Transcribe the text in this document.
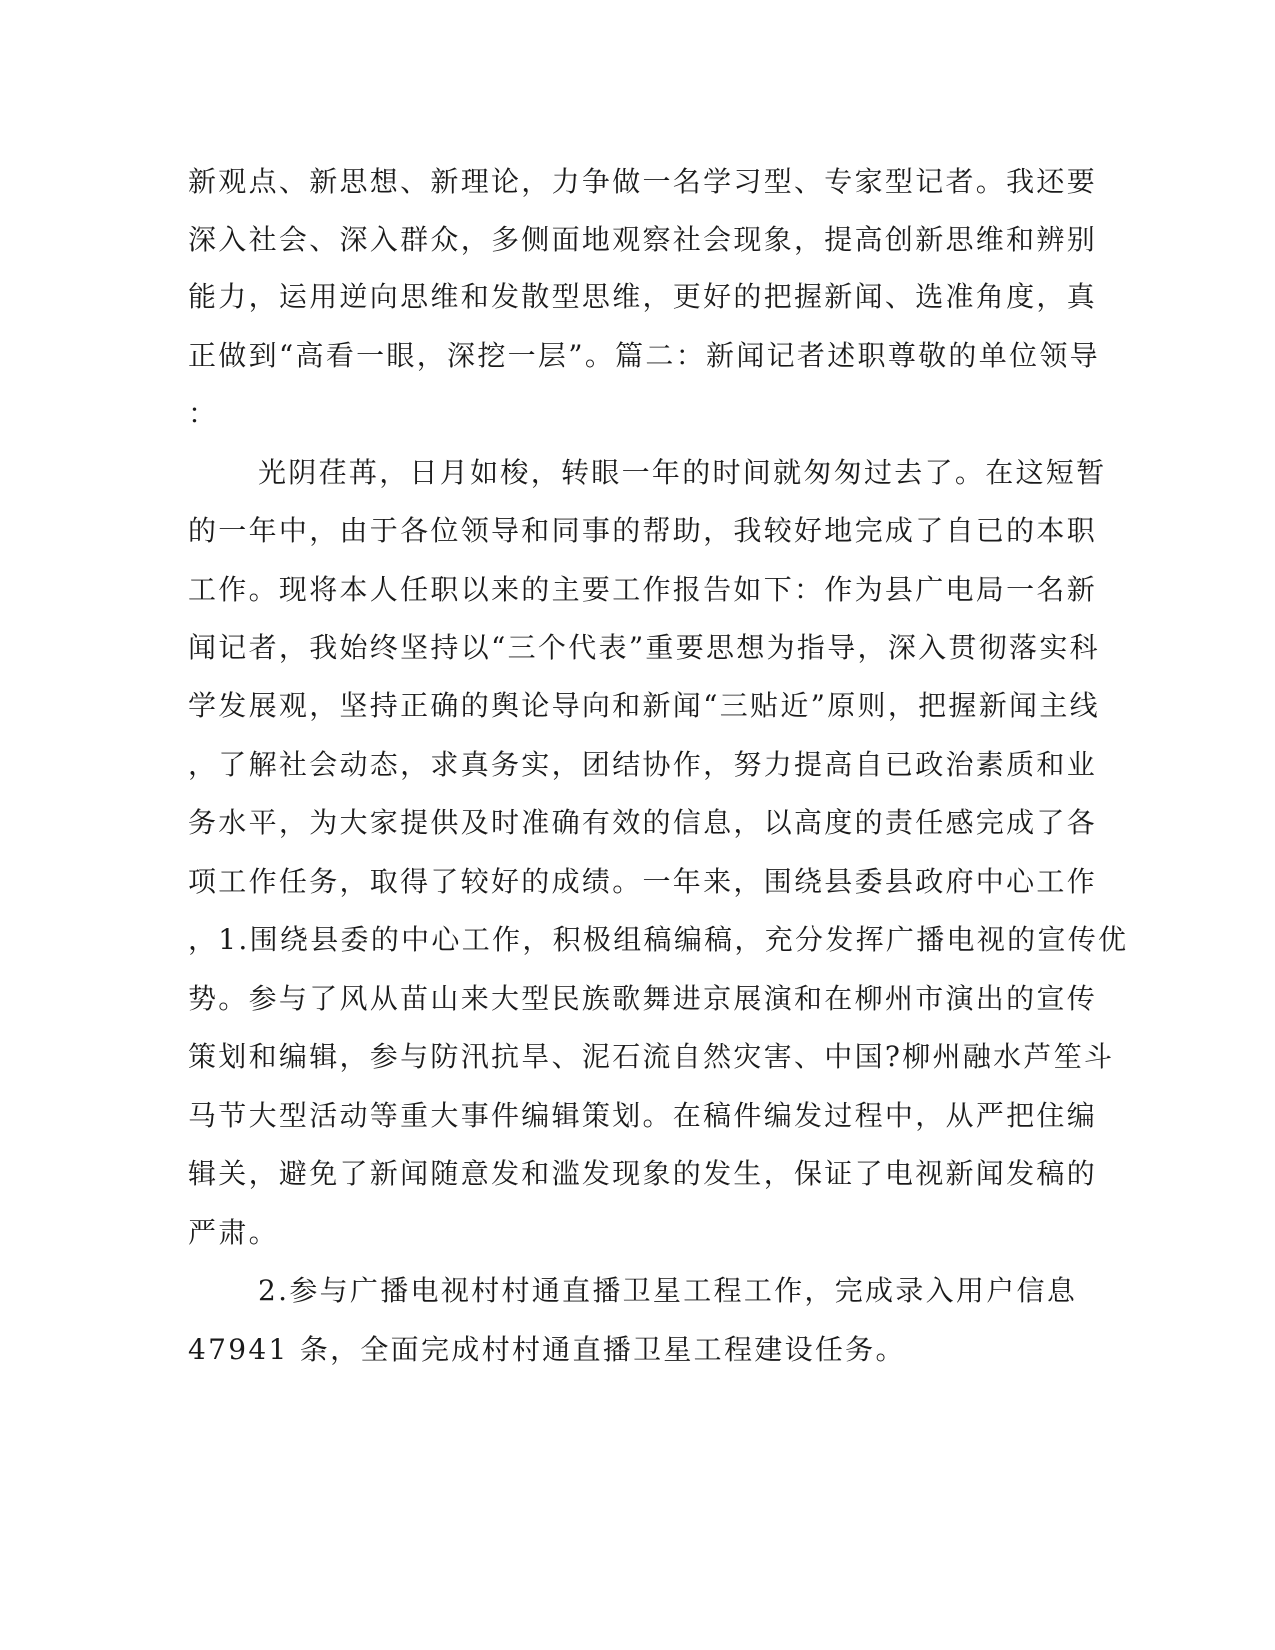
新观点、新思想、新理论，力争做一名学习型、专家型记者。我还要
深入社会、深入群众，多侧面地观察社会现象，提高创新思维和辨别
能力，运用逆向思维和发散型思维，更好的把握新闻、选准角度，真
正做到“高看一眼，深挖一层”。篇二：新闻记者述职尊敬的单位领导
：
光阴荏苒，日月如梭，转眼一年的时间就匆匆过去了。在这短暂
的一年中，由于各位领导和同事的帮助，我较好地完成了自已的本职
工作。现将本人任职以来的主要工作报告如下：作为县广电局一名新
闻记者，我始终坚持以“三个代表”重要思想为指导，深入贯彻落实科
学发展观，坚持正确的舆论导向和新闻“三贴近”原则，把握新闻主线
，了解社会动态，求真务实，团结协作，努力提高自已政治素质和业
务水平，为大家提供及时准确有效的信息，以高度的责任感完成了各
项工作任务，取得了较好的成绩。一年来，围绕县委县政府中心工作
，1.围绕县委的中心工作，积极组稿编稿，充分发挥广播电视的宣传优
势。参与了风从苗山来大型民族歌舞进京展演和在柳州市演出的宣传
策划和编辑，参与防汛抗旱、泥石流自然灾害、中国?柳州融水芦笙斗
马节大型活动等重大事件编辑策划。在稿件编发过程中，从严把住编
辑关，避免了新闻随意发和滥发现象的发生，保证了电视新闻发稿的
严肃。
2.参与广播电视村村通直播卫星工程工作，完成录入用户信息
47941 条，全面完成村村通直播卫星工程建设任务。
